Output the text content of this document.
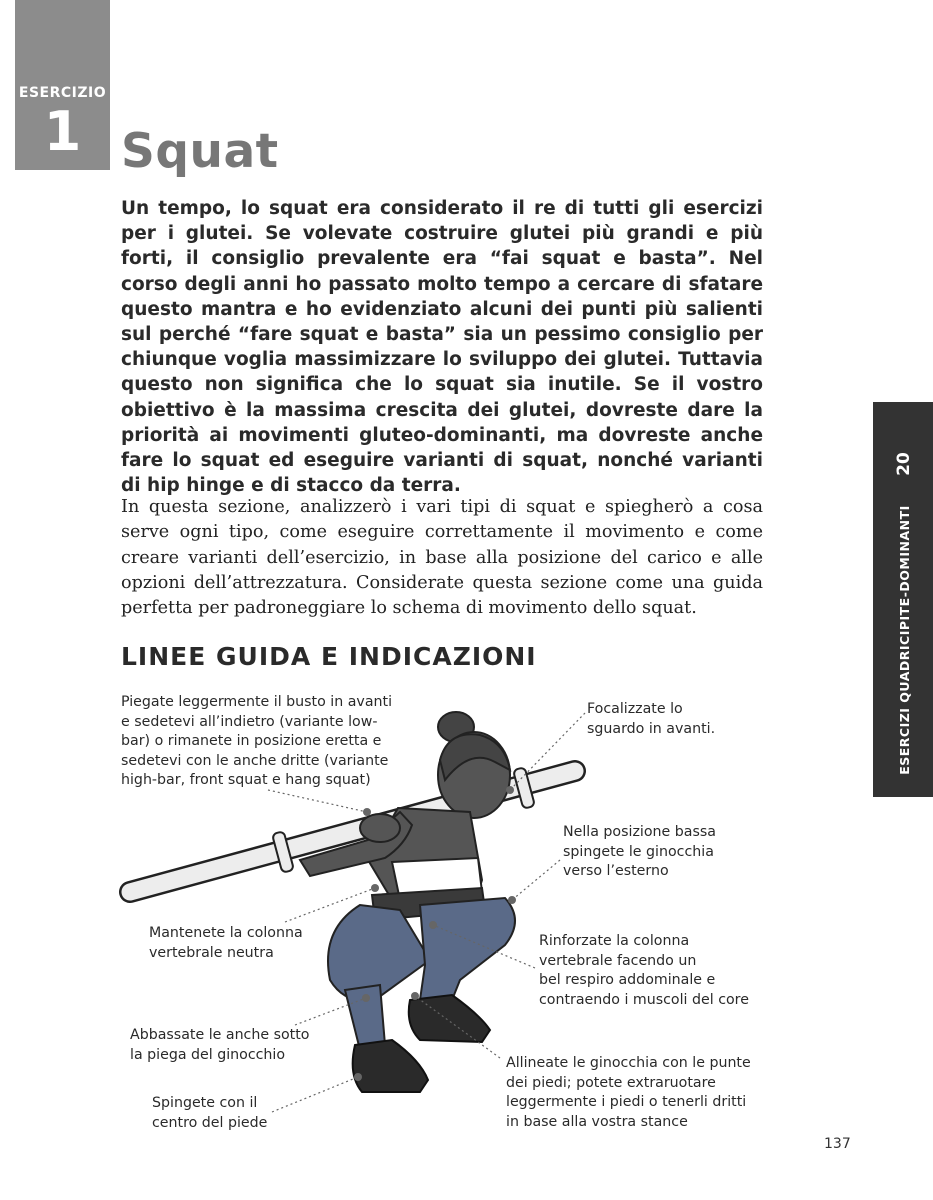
ESERCIZIO
1 Squat

Un tempo, lo squat era considerato il re di tutti gli esercizi per i glutei. Se volevate costruire glutei più grandi e più forti, il consiglio prevalente era “fai squat e basta”. Nel corso degli anni ho passato molto tempo a cercare di sfatare questo mantra e ho evidenziato alcuni dei punti più salienti sul perché “fare squat e basta” sia un pessimo consiglio per chiunque voglia massimizzare lo sviluppo dei glutei. Tuttavia questo non significa che lo squat sia inutile. Se il vostro obiettivo è la massima crescita dei glutei, dovreste dare la priorità ai movimenti gluteo-dominanti, ma dovreste anche fare lo squat ed eseguire varianti di squat, nonché varianti di hip hinge e di stacco da terra.

In questa sezione, analizzerò i vari tipi di squat e spiegherò a cosa serve ogni tipo, come eseguire correttamente il movimento e come creare varianti dell’esercizio, in base alla posizione del carico e alle opzioni dell’attrezzatura. Considerate questa sezione come una guida perfetta per padroneggiare lo schema di movimento dello squat.

LINEE GUIDA E INDICAZIONI
20
ESERCIZI QUADRICIPITE-DOMINANTI

Piegate leggermente il busto in avanti
e sedetevi all’indietro (variante low-
bar) o rimanete in posizione eretta e
sedetevi con le anche dritte (variante
high-bar, front squat e hang squat)

Focalizzate lo
sguardo in avanti.

Nella posizione bassa
spingete le ginocchia
verso l’esterno

Mantenete la colonna
vertebrale neutra

Rinforzate la colonna
vertebrale facendo un
bel respiro addominale e
contraendo i muscoli del core

Abbassate le anche sotto
la piega del ginocchio

Allineate le ginocchia con le punte
dei piedi; potete extraruotare
leggermente i piedi o tenerli dritti
in base alla vostra stance

Spingete con il
centro del piede

137
